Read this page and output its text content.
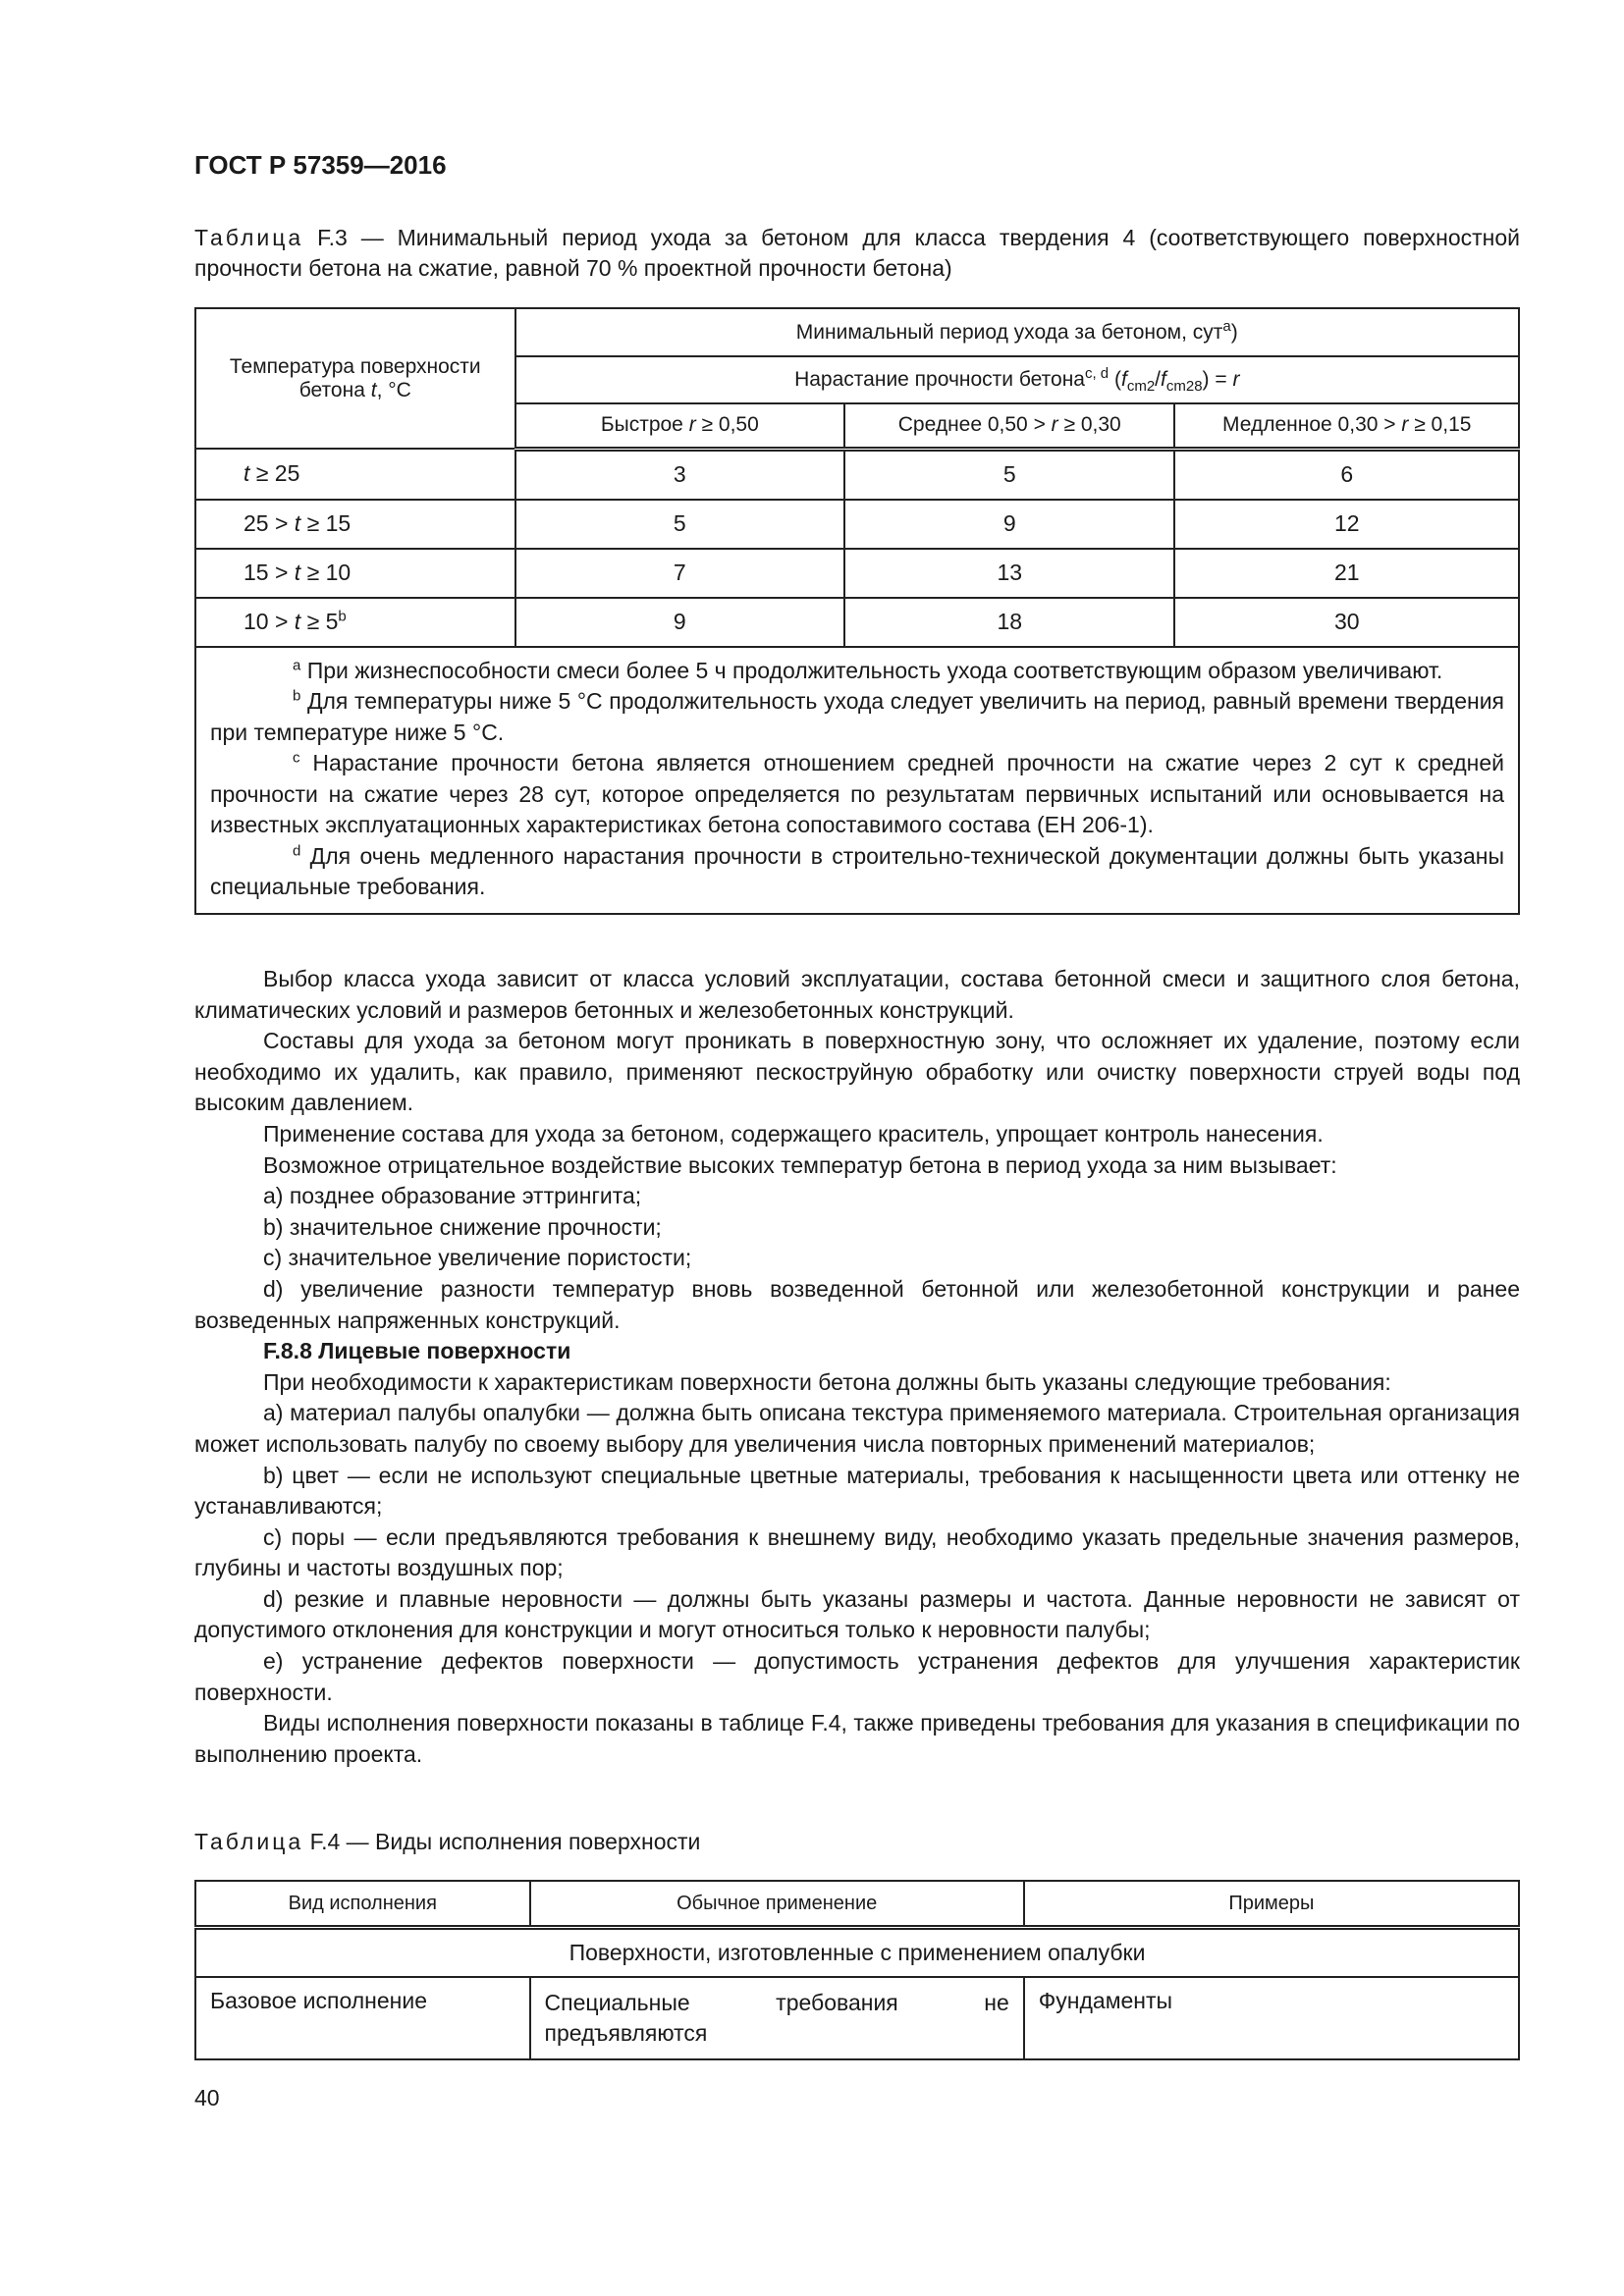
ГОСТ Р 57359—2016
Таблица F.3 — Минимальный период ухода за бетоном для класса твердения 4 (соответствующего поверхностной прочности бетона на сжатие, равной 70 % проектной прочности бетона)
Температура поверхности
бетона t, °C	Минимальный период ухода за бетоном, сут$^a$)		
	Нарастание прочности бетона$^{c, d}$ $(f_{cm2}/f_{cm28}) = r$		
	Быстрое r ≥ 0,50	Среднее 0,50 > r ≥ 0,30	Медленное 0,30 > r ≥ 0,15
t ≥ 25	3	5	6
25 > t ≥ 15	5	9	12
15 > t ≥ 10	7	13	21
$10 > t \ge 5^b$	9	18	30

$^a$ При жизнеспособности смеси более 5 ч продолжительность ухода соответствующим образом увеличивают.
$^b$ Для температуры ниже 5 °С продолжительность ухода следует увеличить на период, равный времени твердения при температуре ниже 5 °С.
$^c$ Нарастание прочности бетона является отношением средней прочности на сжатие через 2 сут к средней прочности на сжатие через 28 сут, которое определяется по результатам первичных испытаний или основывается на известных эксплуатационных характеристиках бетона сопоставимого состава (ЕН 206-1).
$^d$ Для очень медленного нарастания прочности в строительно-технической документации должны быть указаны специальные требования.			

Выбор класса ухода зависит от класса условий эксплуатации, состава бетонной смеси и защитного слоя бетона, климатических условий и размеров бетонных и железобетонных конструкций.

Составы для ухода за бетоном могут проникать в поверхностную зону, что осложняет их удаление, поэтому если необходимо их удалить, как правило, применяют пескоструйную обработку или очистку поверхности струей воды под высоким давлением.

Применение состава для ухода за бетоном, содержащего краситель, упрощает контроль нанесения.

Возможное отрицательное воздействие высоких температур бетона в период ухода за ним вызывает:

a) позднее образование эттрингита;

b) значительное снижение прочности;

c) значительное увеличение пористости;

d) увеличение разности температур вновь возведенной бетонной или железобетонной конструкции и ранее возведенных напряженных конструкций.

F.8.8 Лицевые поверхности

При необходимости к характеристикам поверхности бетона должны быть указаны следующие требования:

а) материал палубы опалубки — должна быть описана текстура применяемого материала. Строительная организация может использовать палубу по своему выбору для увеличения числа повторных применений материалов;

b) цвет — если не используют специальные цветные материалы, требования к насыщенности цвета или оттенку не устанавливаются;

c) поры — если предъявляются требования к внешнему виду, необходимо указать предельные значения размеров, глубины и частоты воздушных пор;

d) резкие и плавные неровности — должны быть указаны размеры и частота. Данные неровности не зависят от допустимого отклонения для конструкции и могут относиться только к неровности палубы;

e) устранение дефектов поверхности — допустимость устранения дефектов для улучшения характеристик поверхности.

Виды исполнения поверхности показаны в таблице F.4, также приведены требования для указания в спецификации по выполнению проекта.

Таблица F.4 — Виды исполнения поверхности
Вид исполнения	Обычное применение	Примеры
Поверхности, изготовленные с применением опалубки		
Базовое исполнение	Специальные требования не предъявляются	Фундаменты
40
